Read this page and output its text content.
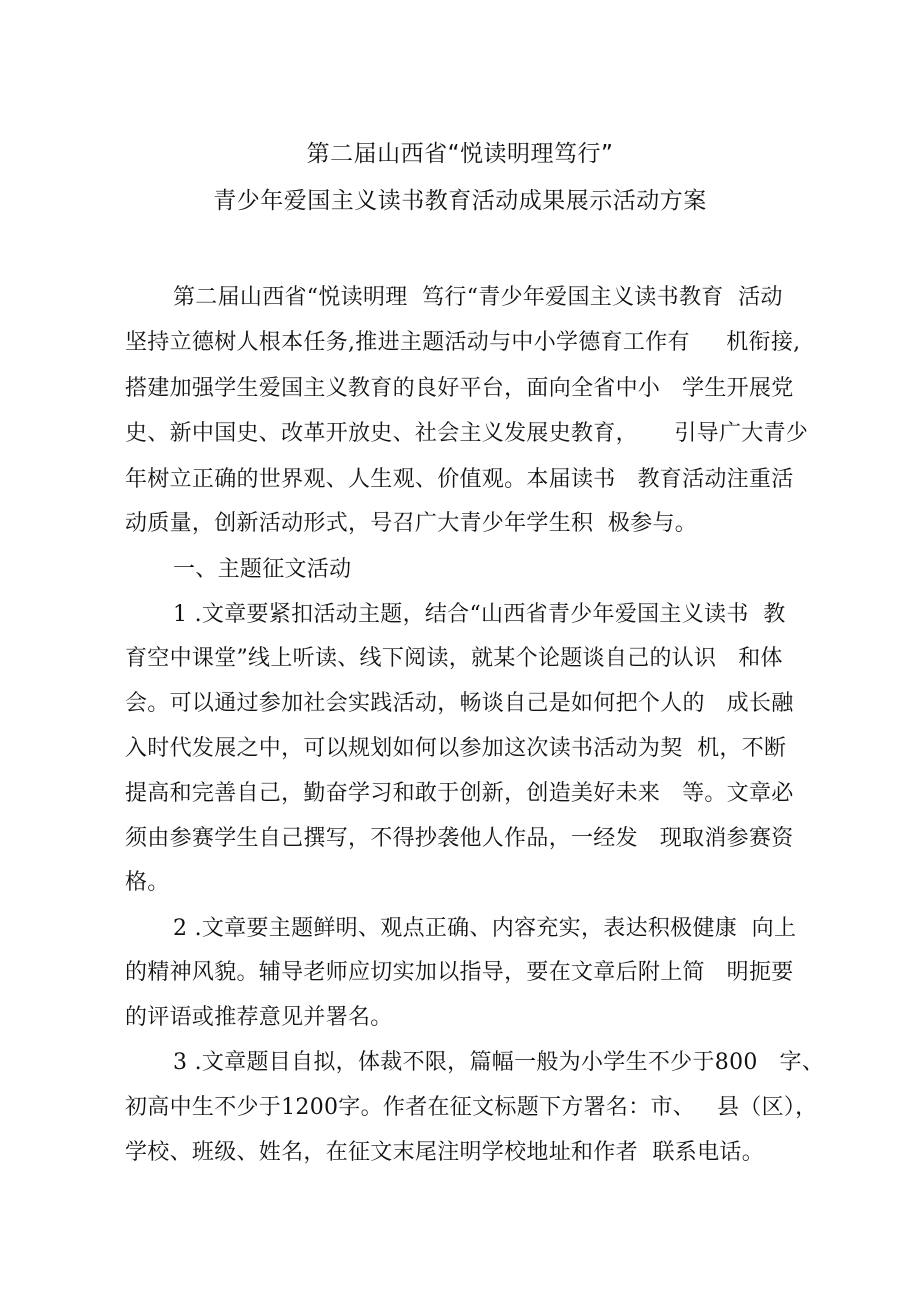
第二届山西省“悦读明理笃行”
青少年爱国主义读书教育活动成果展示活动方案
第二届山西省“悦读明理  笃行“青少年爱国主义读书教育  活动
坚持立德树人根本任务,推进主题活动与中小学德育工作有     机衔接,
搭建加强学生爱国主义教育的良好平台，面向全省中小   学生开展党
史、新中国史、改革开放史、社会主义发展史教育，     引导广大青少
年树立正确的世界观、人生观、价值观。本届读书   教育活动注重活
动质量，创新活动形式，号召广大青少年学生积  极参与。
一、主题征文活动
1 .文章要紧扣活动主题，结合“山西省青少年爱国主义读书  教
育空中课堂”线上听读、线下阅读，就某个论题谈自己的认识   和体
会。可以通过参加社会实践活动，畅谈自己是如何把个人的   成长融
入时代发展之中，可以规划如何以参加这次读书活动为契  机，不断
提高和完善自己，勤奋学习和敢于创新，创造美好未来   等。文章必
须由参赛学生自己撰写，不得抄袭他人作品，一经发   现取消参赛资
格。
2 .文章要主题鲜明、观点正确、内容充实，表达积极健康  向上
的精神风貌。辅导老师应切实加以指导，要在文章后附上简   明扼要
的评语或推荐意见并署名。
3 .文章题目自拟，体裁不限，篇幅一般为小学生不少于800   字、
初高中生不少于1200字。作者在征文标题下方署名：市、   县（区），
学校、班级、姓名，在征文末尾注明学校地址和作者  联系电话。
